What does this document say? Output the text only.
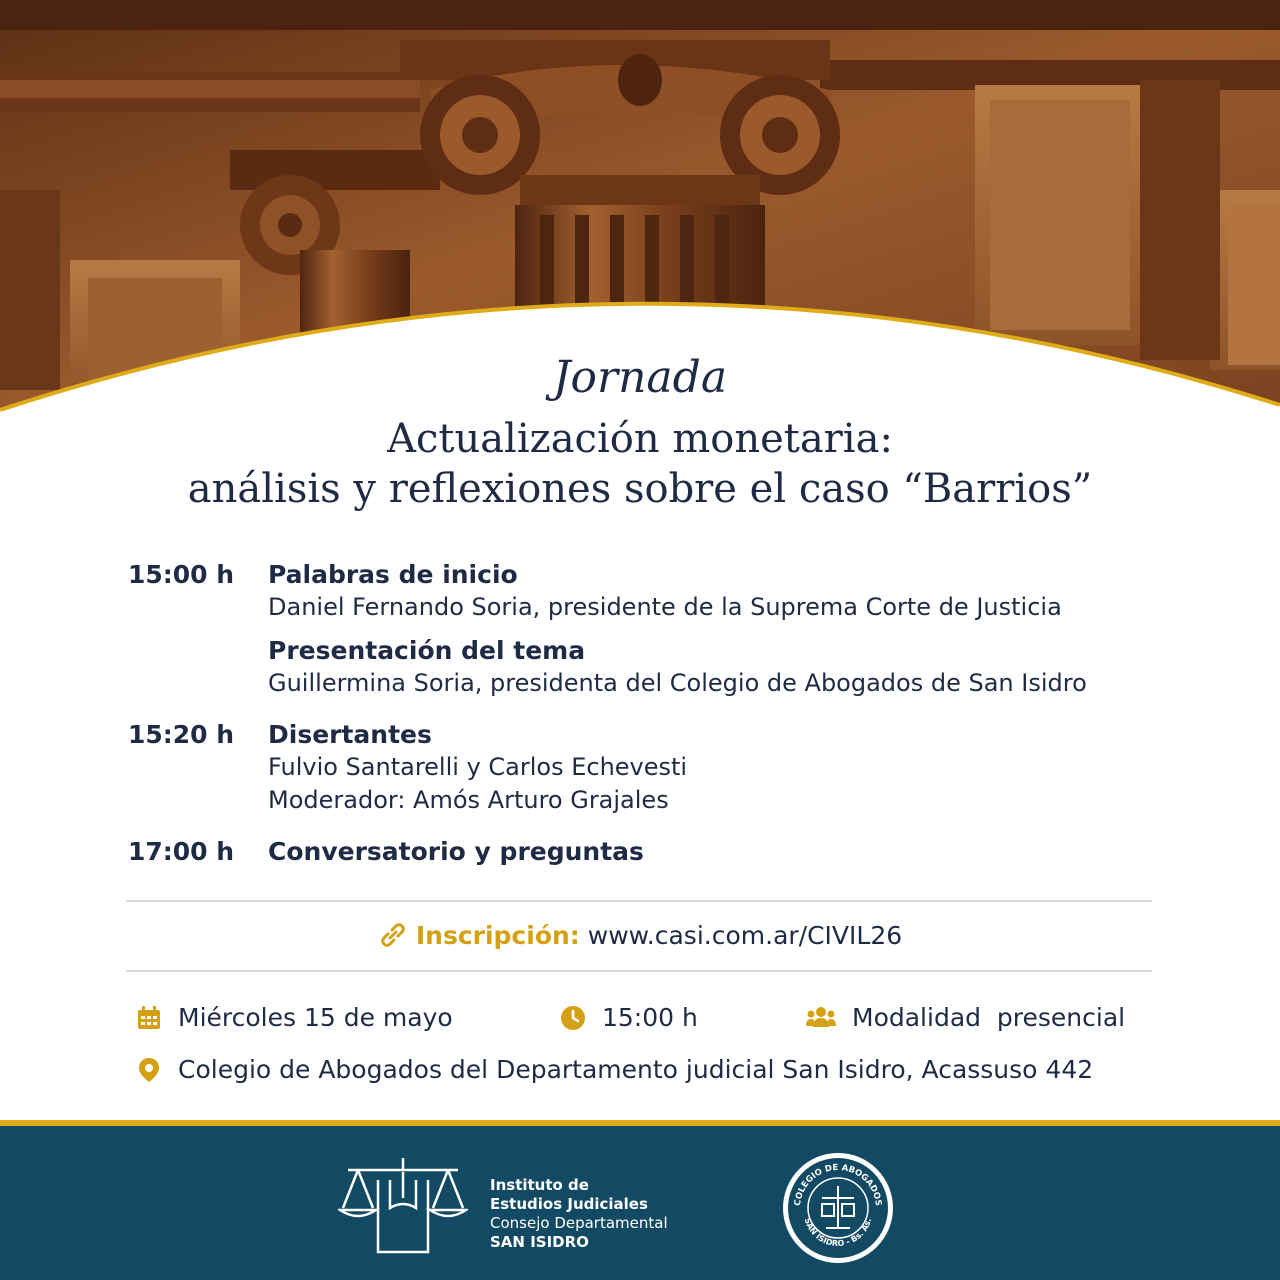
Jornada
Actualización monetaria:
análisis y reflexiones sobre el caso “Barrios”
15:00 h	Palabras de inicio
Daniel Fernando Soria, presidente de la Suprema Corte de Justicia
Presentación del tema
Guillermina Soria, presidenta del Colegio de Abogados de San Isidro
15:20 h	Disertantes
Fulvio Santarelli y Carlos Echevesti
Moderador: Amós Arturo Grajales
17:00 h	Conversatorio y preguntas
Inscripción: www.casi.com.ar/CIVIL26
Miércoles 15 de mayo	15:00 h	Modalidad  presencial
Colegio de Abogados del Departamento judicial San Isidro, Acassuso 442
Instituto de
Estudios Judiciales
Consejo Departamental
SAN ISIDRO
COLEGIO DE ABOGADOS
SAN ISIDRO - Bs. As.
